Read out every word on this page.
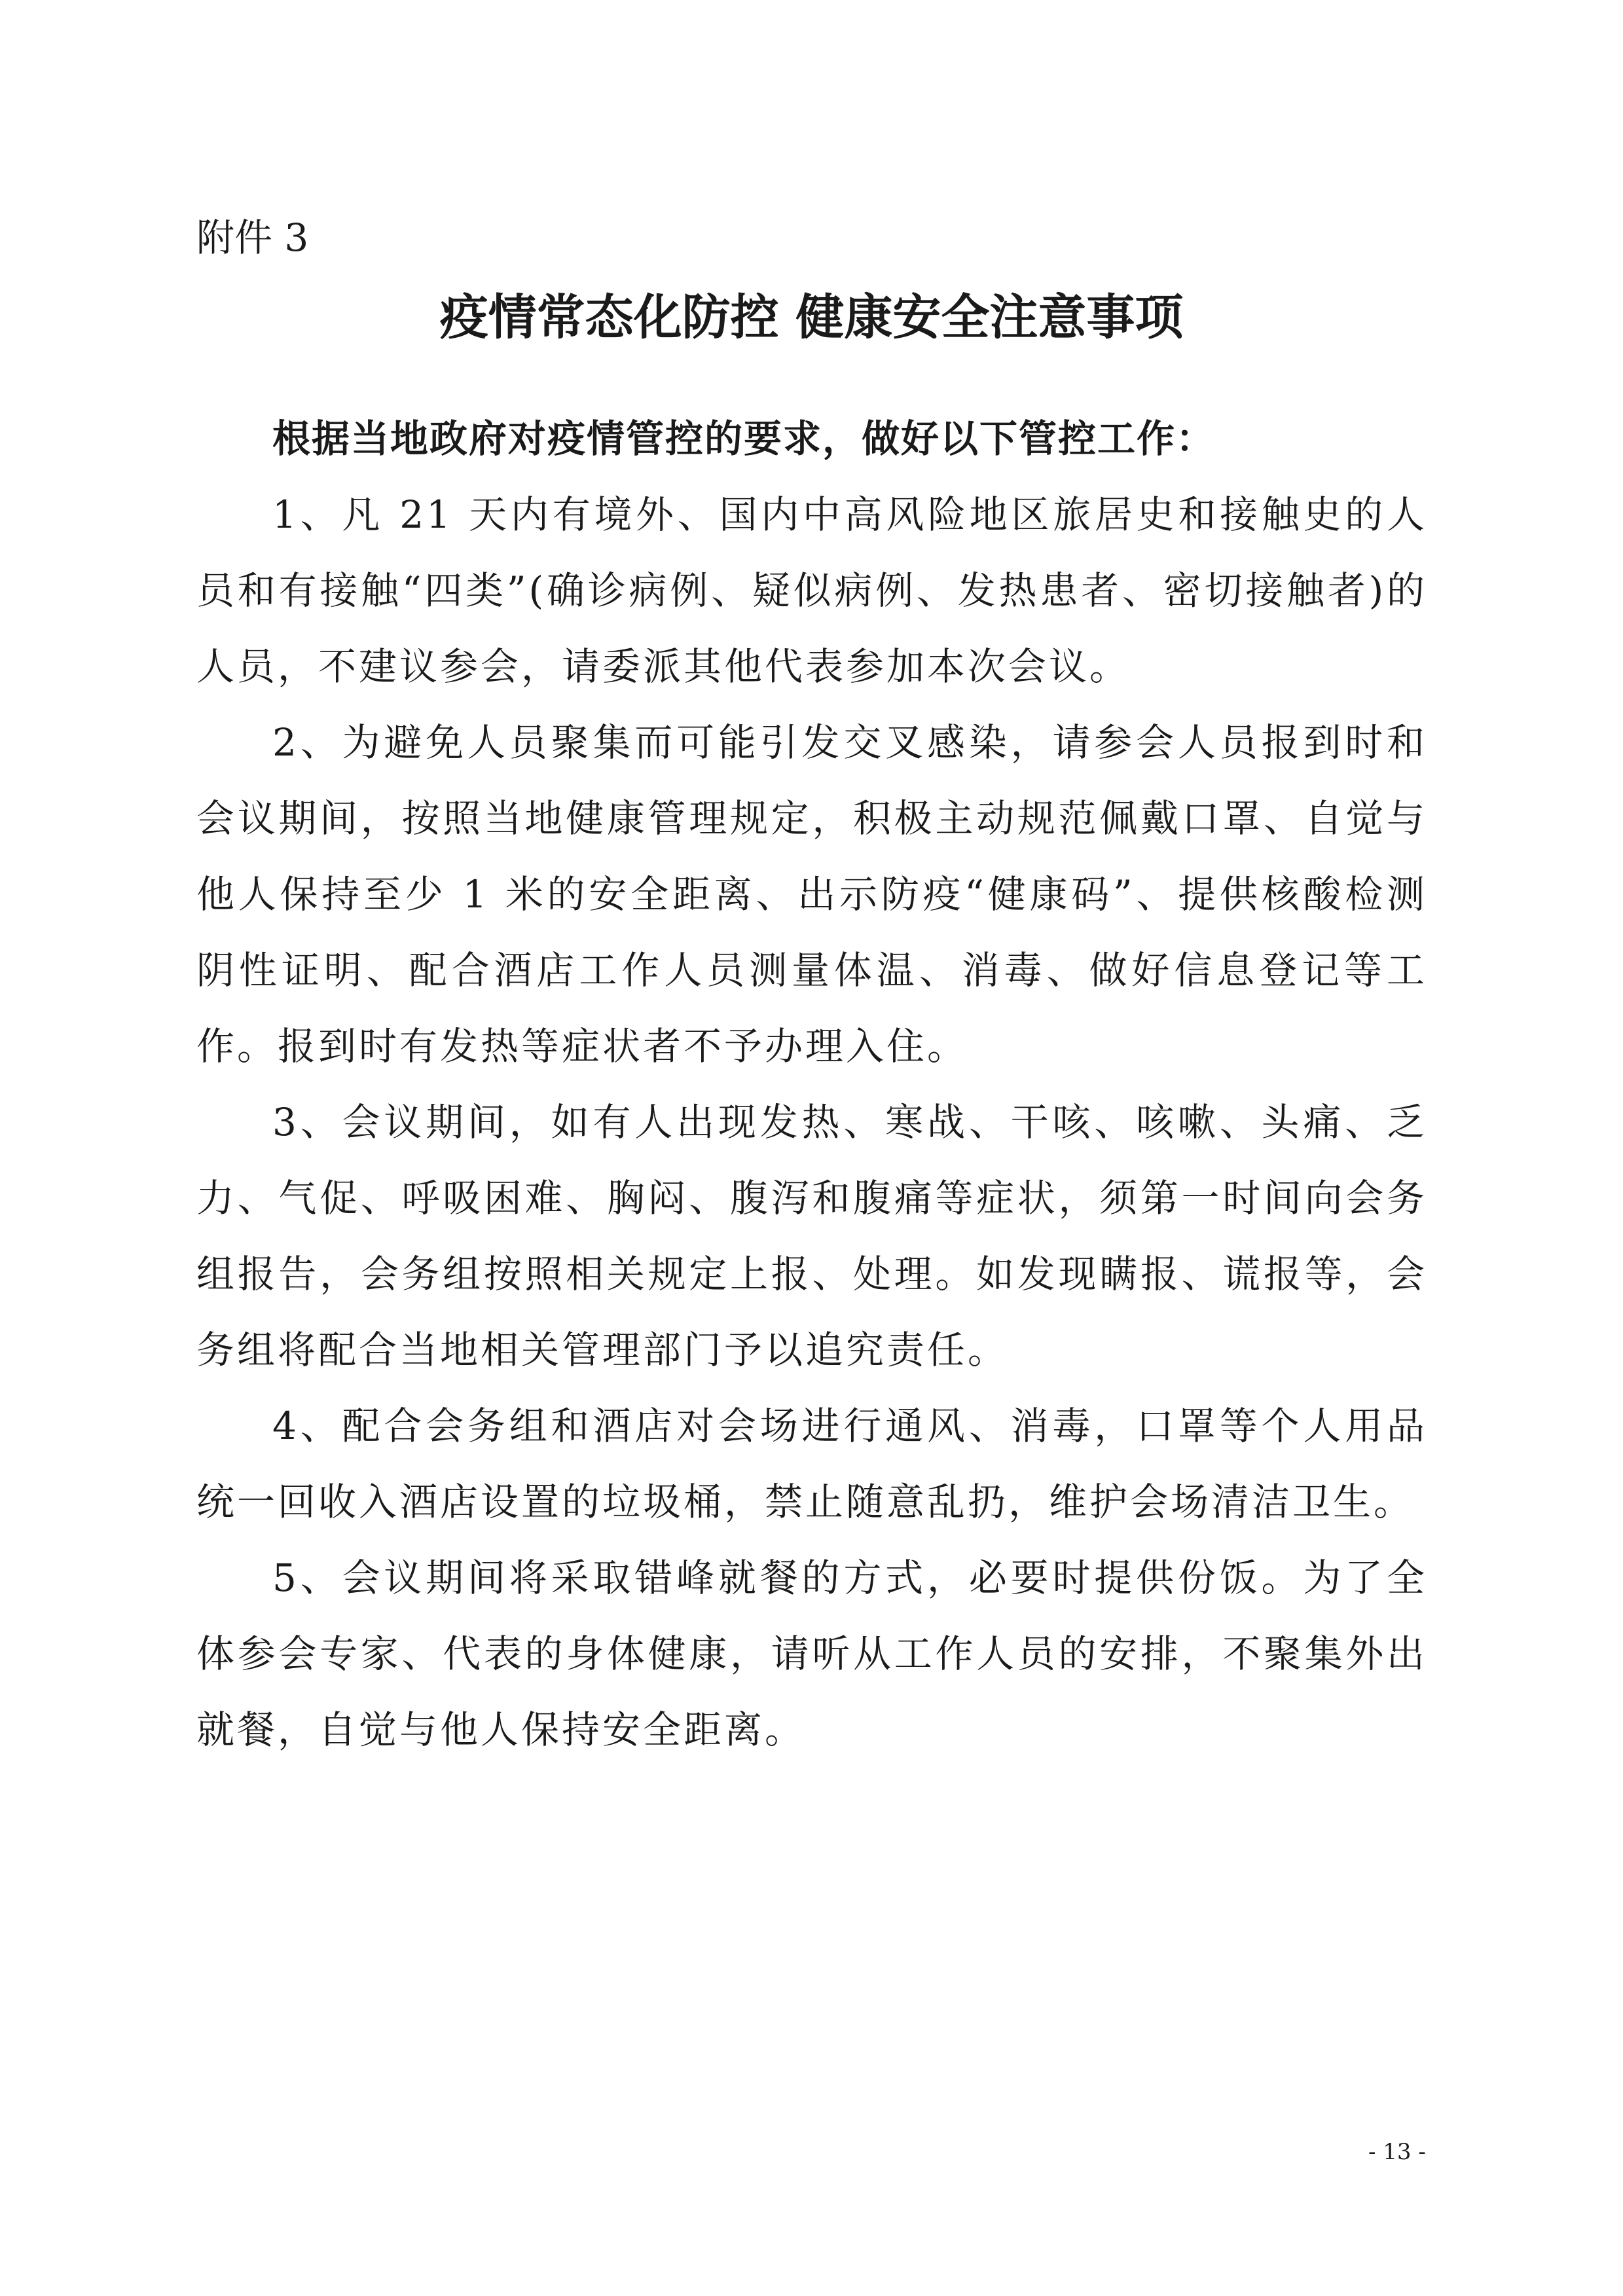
附件 3
疫情常态化防控 健康安全注意事项

根据当地政府对疫情管控的要求，做好以下管控工作：

1、凡 21 天内有境外、国内中高风险地区旅居史和接触史的人员和有接触“四类”(确诊病例、疑似病例、发热患者、密切接触者)的人员，不建议参会，请委派其他代表参加本次会议。

2、为避免人员聚集而可能引发交叉感染，请参会人员报到时和会议期间，按照当地健康管理规定，积极主动规范佩戴口罩、自觉与他人保持至少 1 米的安全距离、出示防疫“健康码”、提供核酸检测阴性证明、配合酒店工作人员测量体温、消毒、做好信息登记等工作。报到时有发热等症状者不予办理入住。

3、会议期间，如有人出现发热、寒战、干咳、咳嗽、头痛、乏力、气促、呼吸困难、胸闷、腹泻和腹痛等症状，须第一时间向会务组报告，会务组按照相关规定上报、处理。如发现瞒报、谎报等，会务组将配合当地相关管理部门予以追究责任。

4、配合会务组和酒店对会场进行通风、消毒，口罩等个人用品统一回收入酒店设置的垃圾桶，禁止随意乱扔，维护会场清洁卫生。

5、会议期间将采取错峰就餐的方式，必要时提供份饭。为了全体参会专家、代表的身体健康，请听从工作人员的安排，不聚集外出就餐，自觉与他人保持安全距离。

- 13 -
